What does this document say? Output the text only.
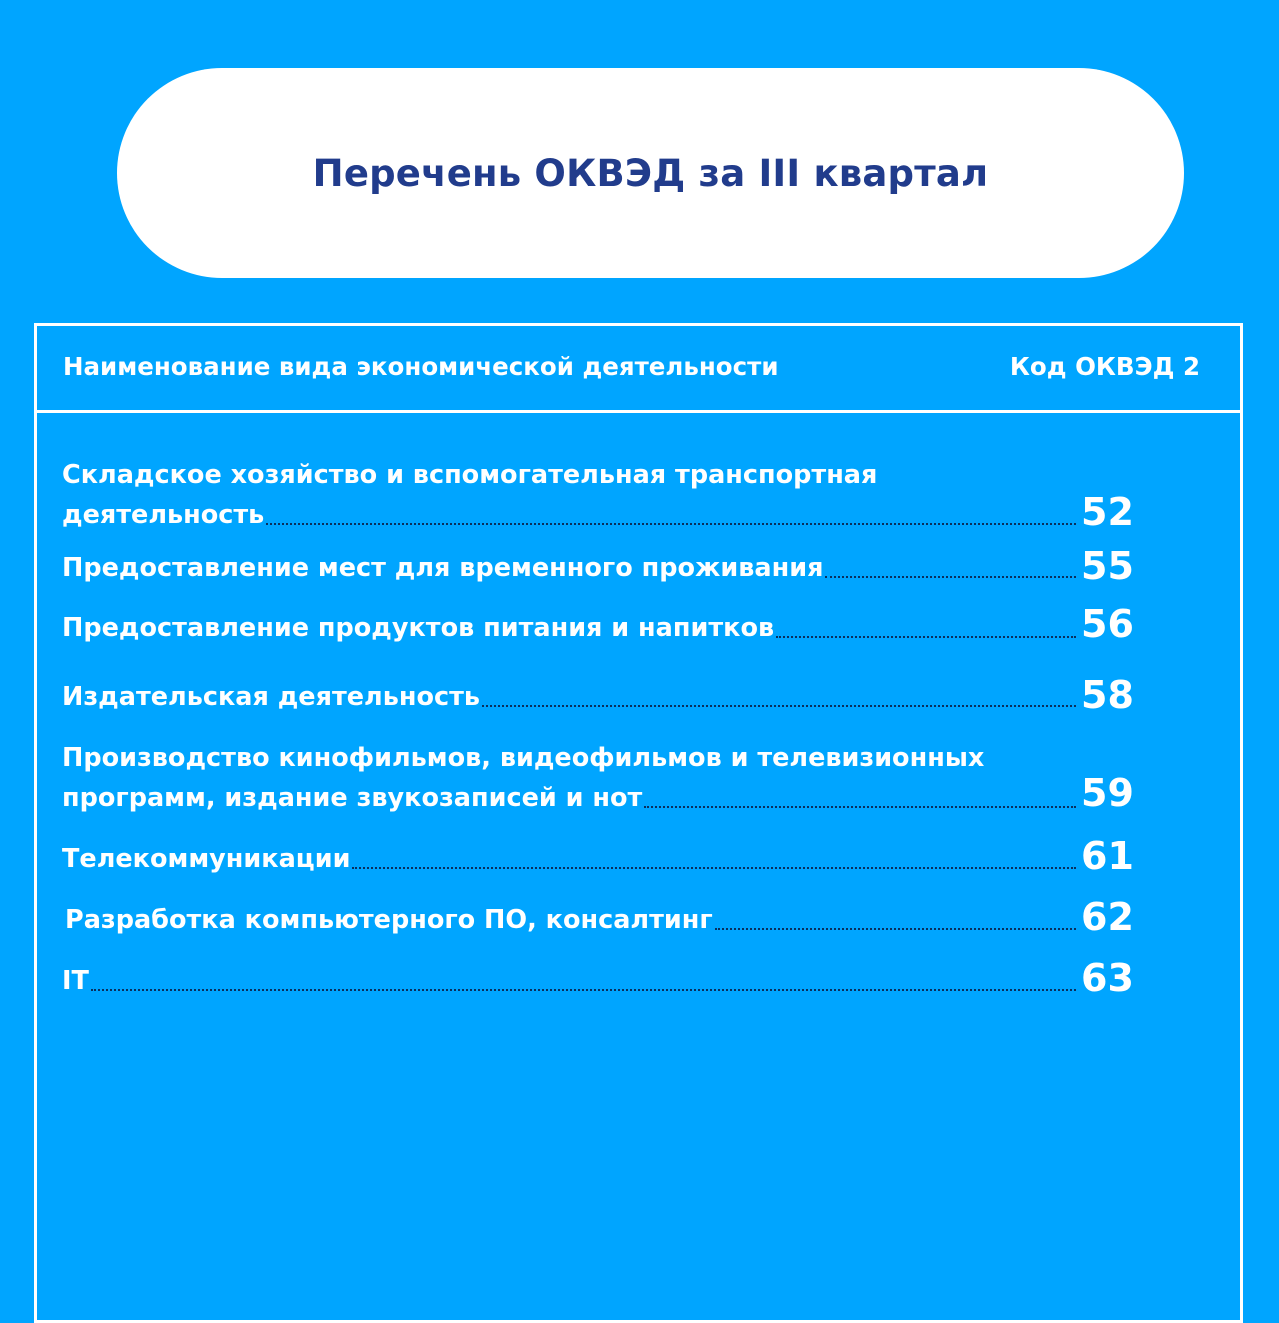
Перечень ОКВЭД за III квартал
Наименование вида экономической деятельности	Код ОКВЭД 2
Складское хозяйство и вспомогательная транспортная
деятельность	52
Предоставление мест для временного проживания	55
Предоставление продуктов питания и напитков	56
Издательская деятельность	58
Производство кинофильмов, видеофильмов и телевизионных
программ, издание звукозаписей и нот	59
Телекоммуникации	61
Разработка компьютерного ПО, консалтинг	62
IT	63
